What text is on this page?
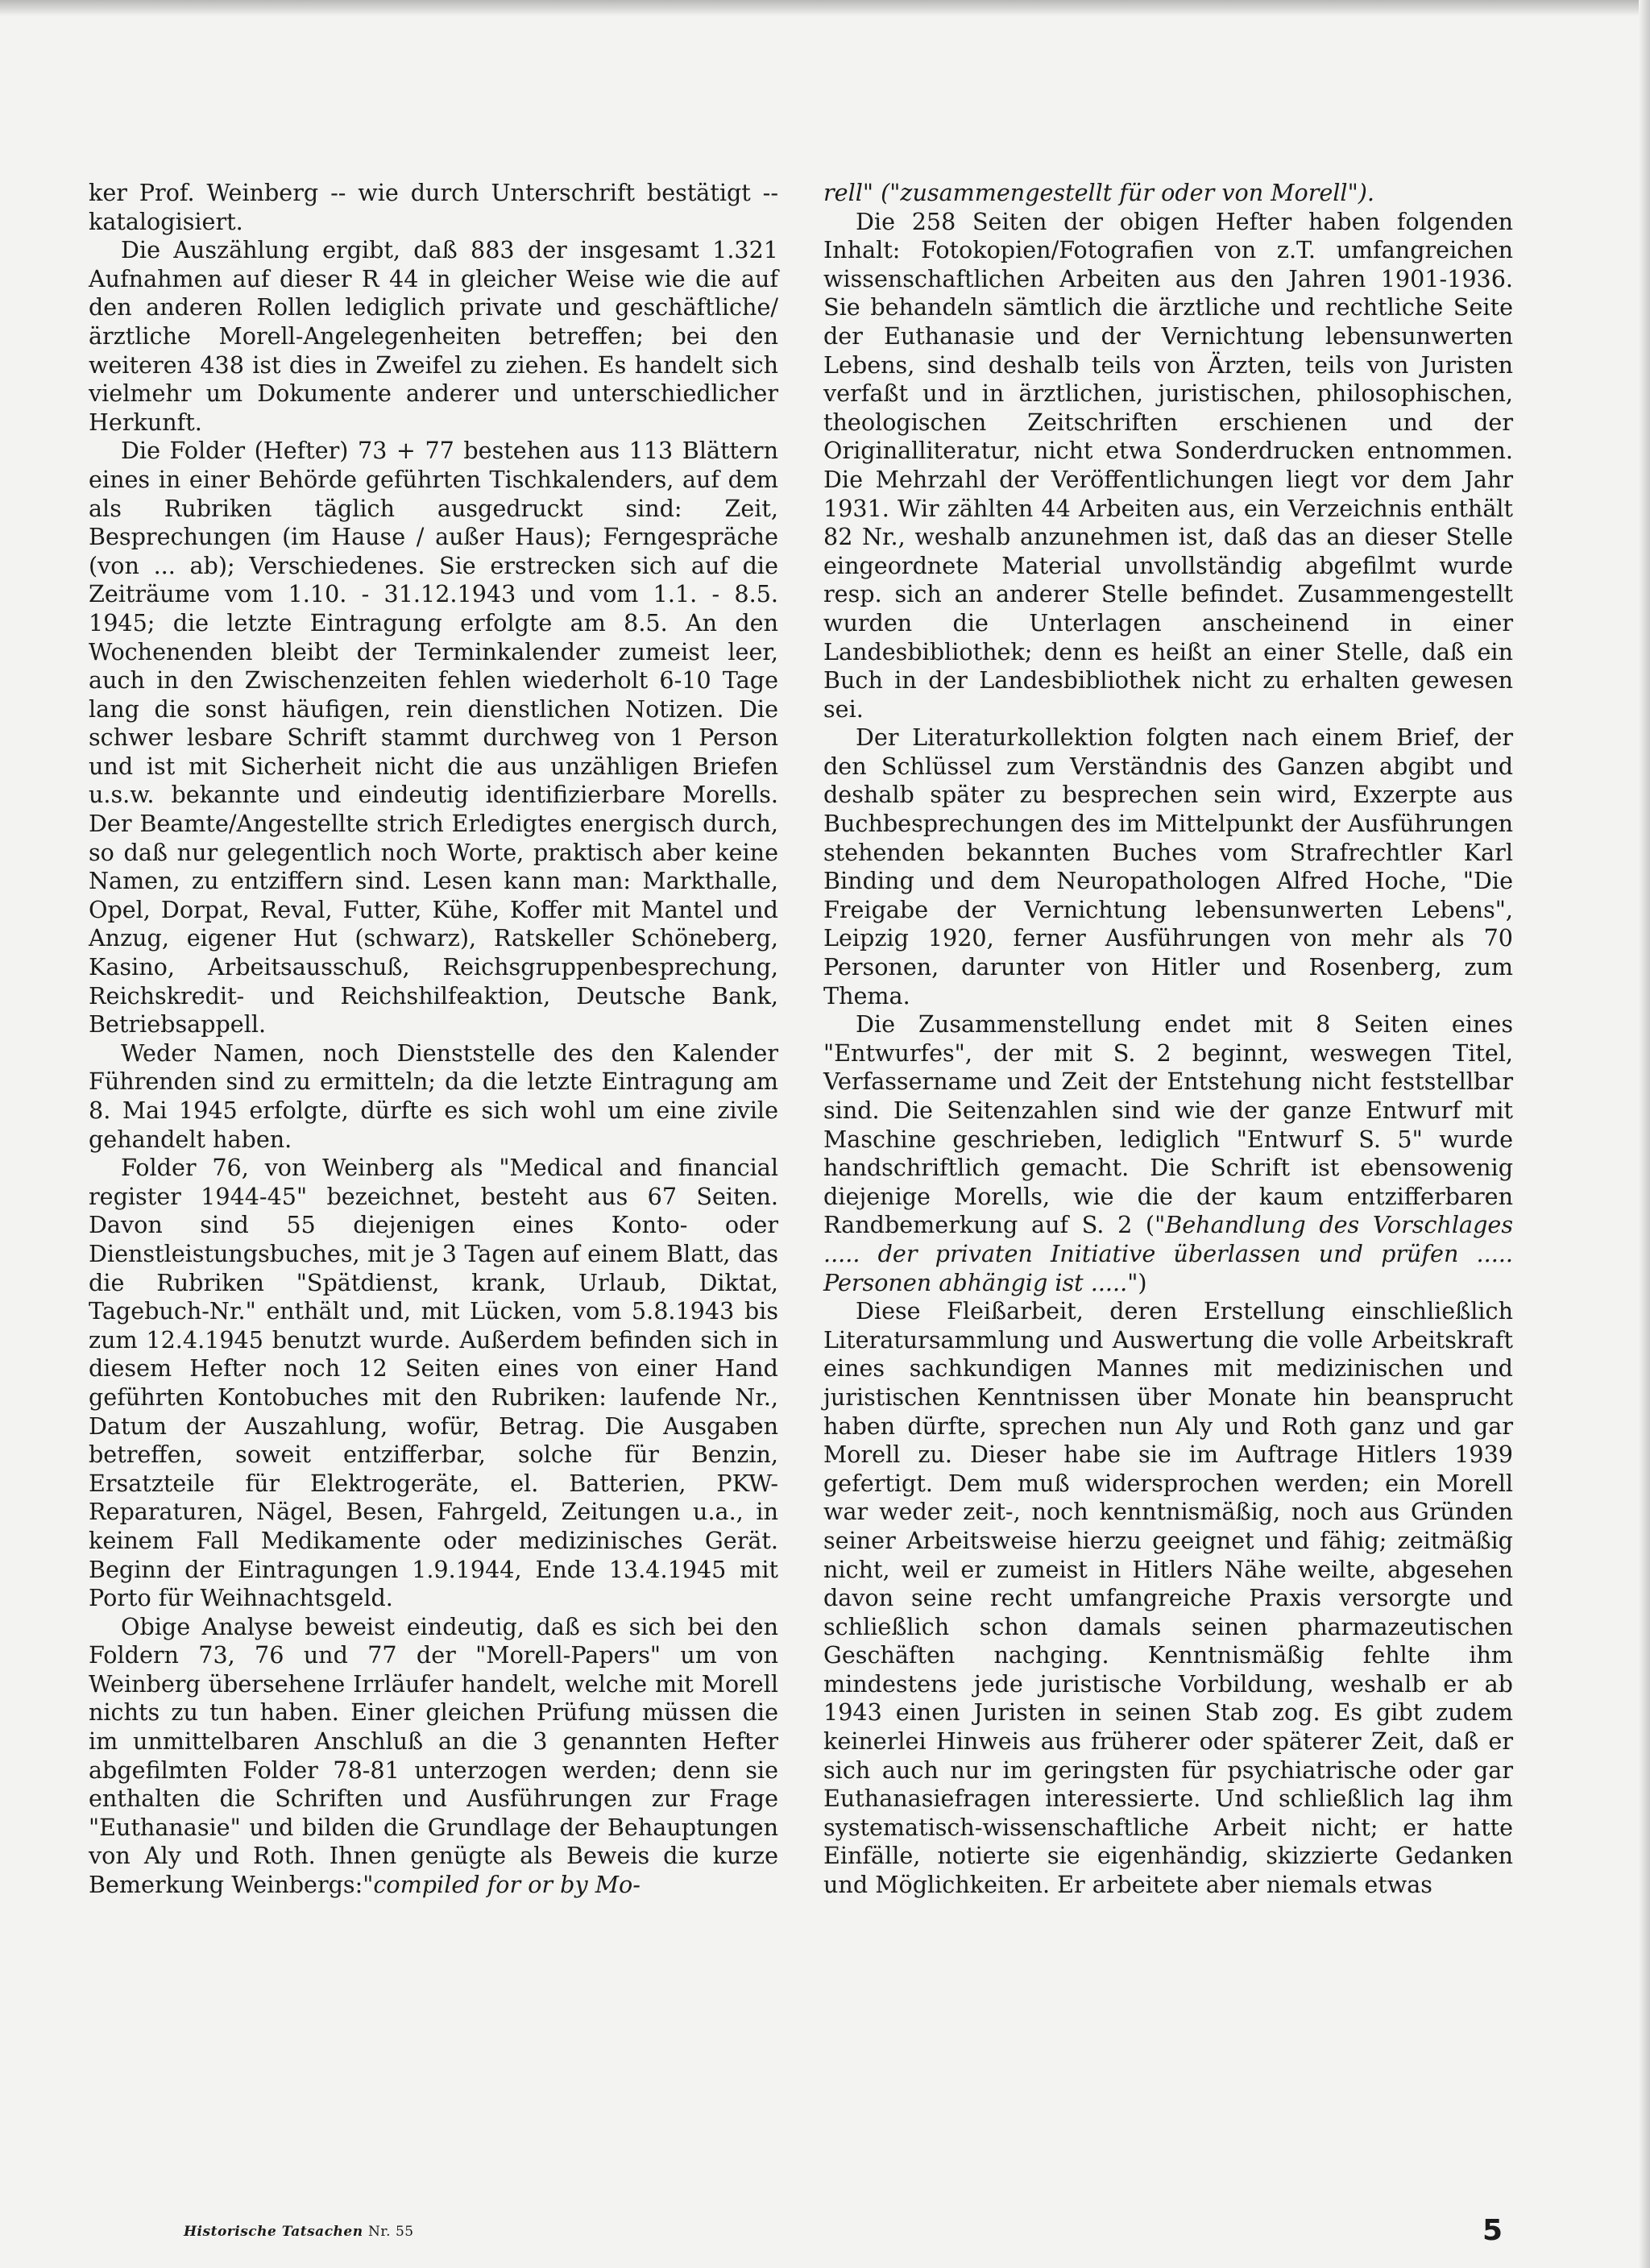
ker Prof. Weinberg -- wie durch Unterschrift bestätigt -- katalogisiert.

Die Auszählung ergibt, daß 883 der insgesamt 1.321 Aufnahmen auf dieser R 44 in gleicher Weise wie die auf den anderen Rollen lediglich private und geschäftliche/ ärztliche Morell-Angelegenheiten betreffen; bei den weiteren 438 ist dies in Zweifel zu ziehen. Es handelt sich vielmehr um Dokumente anderer und unterschiedlicher Herkunft.

Die Folder (Hefter) 73 + 77 bestehen aus 113 Blättern eines in einer Behörde geführten Tischkalenders, auf dem als Rubriken täglich ausgedruckt sind: Zeit, Besprechungen (im Hause / außer Haus); Ferngespräche (von ... ab); Verschiedenes. Sie erstrecken sich auf die Zeiträume vom 1.10. - 31.12.1943 und vom 1.1. - 8.5. 1945; die letzte Eintragung erfolgte am 8.5. An den Wochenenden bleibt der Terminkalender zumeist leer, auch in den Zwischenzeiten fehlen wiederholt 6-10 Tage lang die sonst häufigen, rein dienstlichen Notizen. Die schwer lesbare Schrift stammt durchweg von 1 Person und ist mit Sicherheit nicht die aus unzähligen Briefen u.s.w. bekannte und eindeutig identifizierbare Morells. Der Beamte/Angestellte strich Erledigtes energisch durch, so daß nur gelegentlich noch Worte, praktisch aber keine Namen, zu entziffern sind. Lesen kann man: Markthalle, Opel, Dorpat, Reval, Futter, Kühe, Koffer mit Mantel und Anzug, eigener Hut (schwarz), Ratskeller Schöneberg, Kasino, Arbeitsausschuß, Reichsgruppenbesprechung, Reichskredit- und Reichshilfeaktion, Deutsche Bank, Betriebsappell.

Weder Namen, noch Dienststelle des den Kalender Führenden sind zu ermitteln; da die letzte Eintragung am 8. Mai 1945 erfolgte, dürfte es sich wohl um eine zivile gehandelt haben.

Folder 76, von Weinberg als "Medical and financial register 1944-45" bezeichnet, besteht aus 67 Seiten. Davon sind 55 diejenigen eines Konto- oder Dienstleistungsbuches, mit je 3 Tagen auf einem Blatt, das die Rubriken "Spätdienst, krank, Urlaub, Diktat, Tagebuch-Nr." enthält und, mit Lücken, vom 5.8.1943 bis zum 12.4.1945 benutzt wurde. Außerdem befinden sich in diesem Hefter noch 12 Seiten eines von einer Hand geführten Kontobuches mit den Rubriken: laufende Nr., Datum der Auszahlung, wofür, Betrag. Die Ausgaben betreffen, soweit entzifferbar, solche für Benzin, Ersatzteile für Elektrogeräte, el. Batterien, PKW-Reparaturen, Nägel, Besen, Fahrgeld, Zeitungen u.a., in keinem Fall Medikamente oder medizinisches Gerät. Beginn der Eintragungen 1.9.1944, Ende 13.4.1945 mit Porto für Weihnachtsgeld.

Obige Analyse beweist eindeutig, daß es sich bei den Foldern 73, 76 und 77 der "Morell-Papers" um von Weinberg übersehene Irrläufer handelt, welche mit Morell nichts zu tun haben. Einer gleichen Prüfung müssen die im unmittelbaren Anschluß an die 3 genannten Hefter abgefilmten Folder 78-81 unterzogen werden; denn sie enthalten die Schriften und Ausführungen zur Frage "Euthanasie" und bilden die Grundlage der Behauptungen von Aly und Roth. Ihnen genügte als Beweis die kurze Bemerkung Weinbergs:"compiled for or by Mo-

rell" ("zusammengestellt für oder von Morell").

Die 258 Seiten der obigen Hefter haben folgenden Inhalt: Fotokopien/Fotografien von z.T. umfangreichen wissenschaftlichen Arbeiten aus den Jahren 1901-1936. Sie behandeln sämtlich die ärztliche und rechtliche Seite der Euthanasie und der Vernichtung lebensunwerten Lebens, sind deshalb teils von Ärzten, teils von Juristen verfaßt und in ärztlichen, juristischen, philosophischen, theologischen Zeitschriften erschienen und der Originalliteratur, nicht etwa Sonderdrucken entnommen. Die Mehrzahl der Veröffentlichungen liegt vor dem Jahr 1931. Wir zählten 44 Arbeiten aus, ein Verzeichnis enthält 82 Nr., weshalb anzunehmen ist, daß das an dieser Stelle eingeordnete Material unvollständig abgefilmt wurde resp. sich an anderer Stelle befindet. Zusammengestellt wurden die Unterlagen anscheinend in einer Landesbibliothek; denn es heißt an einer Stelle, daß ein Buch in der Landesbibliothek nicht zu erhalten gewesen sei.

Der Literaturkollektion folgten nach einem Brief, der den Schlüssel zum Verständnis des Ganzen abgibt und deshalb später zu besprechen sein wird, Exzerpte aus Buchbesprechungen des im Mittelpunkt der Ausführungen stehenden bekannten Buches vom Strafrechtler Karl Binding und dem Neuropathologen Alfred Hoche, "Die Freigabe der Vernichtung lebensunwerten Lebens", Leipzig 1920, ferner Ausführungen von mehr als 70 Personen, darunter von Hitler und Rosenberg, zum Thema.

Die Zusammenstellung endet mit 8 Seiten eines "Entwurfes", der mit S. 2 beginnt, weswegen Titel, Verfassername und Zeit der Entstehung nicht feststellbar sind. Die Seitenzahlen sind wie der ganze Entwurf mit Maschine geschrieben, lediglich "Entwurf S. 5" wurde handschriftlich gemacht. Die Schrift ist ebensowenig diejenige Morells, wie die der kaum entzifferbaren Randbemerkung auf S. 2 ("Behandlung des Vorschlages ..... der privaten Initiative überlassen und prüfen ..... Personen abhängig ist .....")

Diese Fleißarbeit, deren Erstellung einschließlich Literatursammlung und Auswertung die volle Arbeitskraft eines sachkundigen Mannes mit medizinischen und juristischen Kenntnissen über Monate hin beansprucht haben dürfte, sprechen nun Aly und Roth ganz und gar Morell zu. Dieser habe sie im Auftrage Hitlers 1939 gefertigt. Dem muß widersprochen werden; ein Morell war weder zeit-, noch kenntnismäßig, noch aus Gründen seiner Arbeitsweise hierzu geeignet und fähig; zeitmäßig nicht, weil er zumeist in Hitlers Nähe weilte, abgesehen davon seine recht umfangreiche Praxis versorgte und schließlich schon damals seinen pharmazeutischen Geschäften nachging. Kenntnismäßig fehlte ihm mindestens jede juristische Vorbildung, weshalb er ab 1943 einen Juristen in seinen Stab zog. Es gibt zudem keinerlei Hinweis aus früherer oder späterer Zeit, daß er sich auch nur im geringsten für psychiatrische oder gar Euthanasiefragen interessierte. Und schließlich lag ihm systematisch-wissenschaftliche Arbeit nicht; er hatte Einfälle, notierte sie eigenhändig, skizzierte Gedanken und Möglichkeiten. Er arbeitete aber niemals etwas

Historische Tatsachen Nr. 55	5
